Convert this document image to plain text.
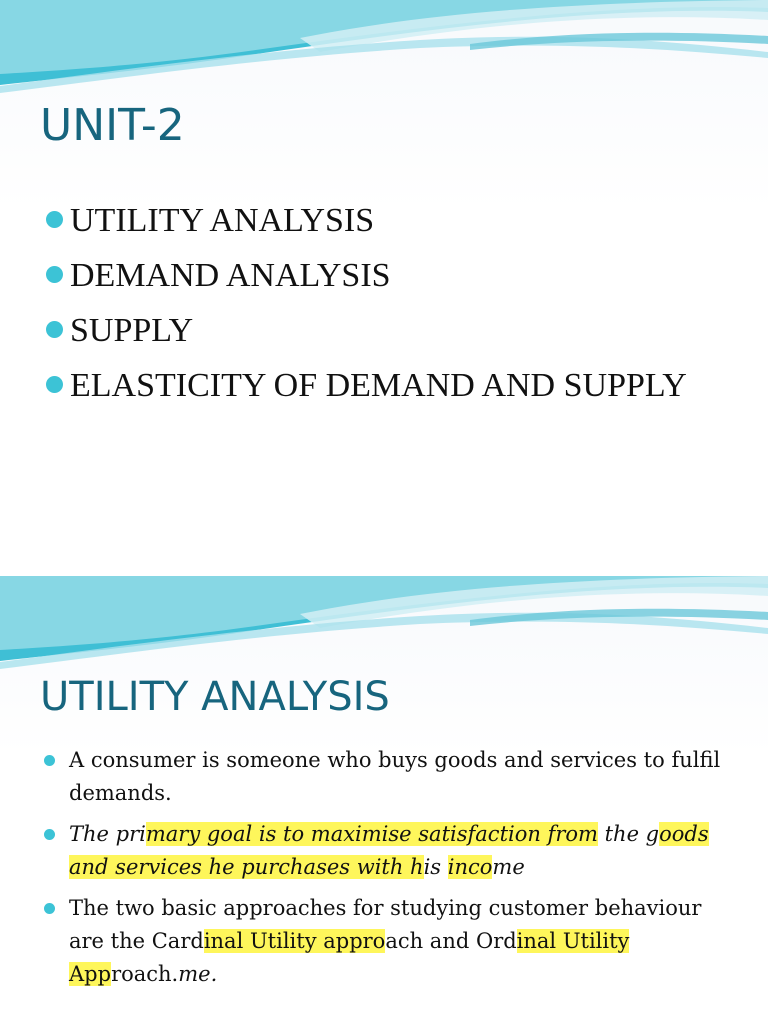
UNIT-2
UTILITY ANALYSIS
DEMAND ANALYSIS
SUPPLY
ELASTICITY OF DEMAND AND SUPPLY
UTILITY ANALYSIS
A consumer is someone who buys goods and services to fulfil demands.
The primary goal is to maximise satisfaction from the goods and services he purchases with his income
The two basic approaches for studying customer behaviour are the Cardinal Utility approach and Ordinal Utility Approach.me.
